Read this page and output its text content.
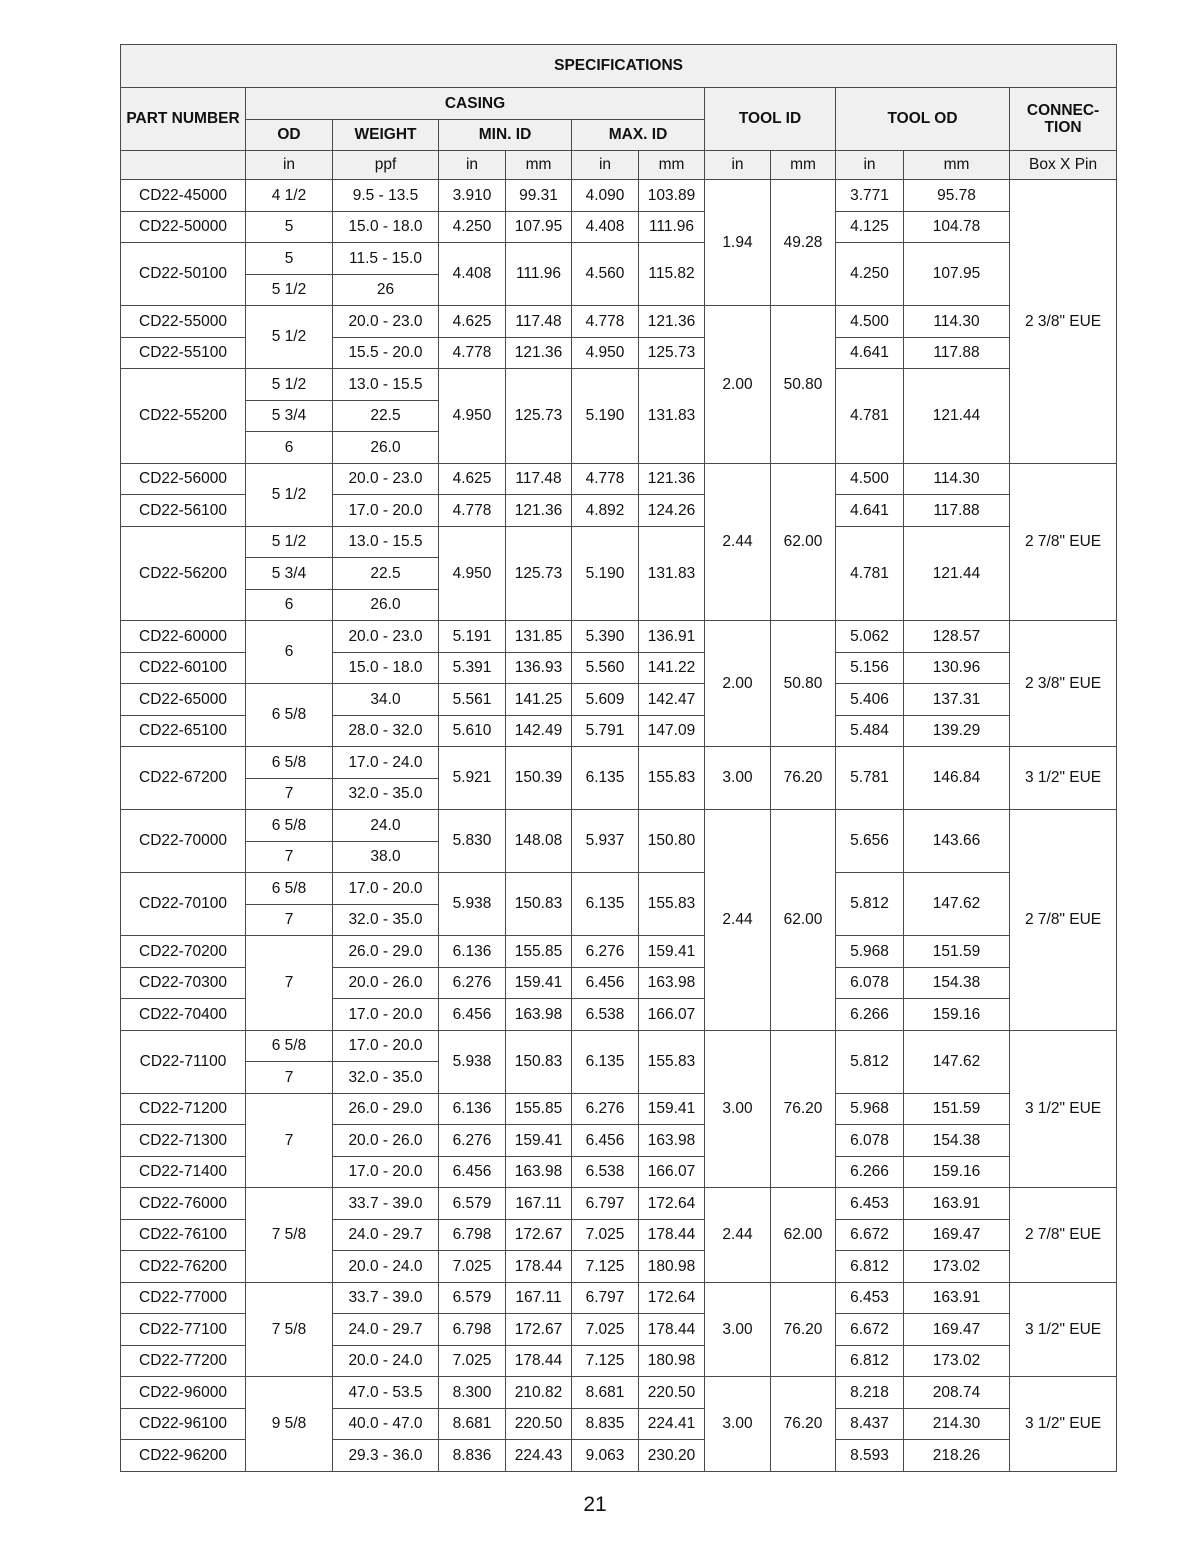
SPECIFICATIONS											
PART NUMBER	CASING						TOOL ID		TOOL OD		CONNEC- TION
	OD	WEIGHT	MIN. ID		MAX. ID						
	in	ppf	in	mm	in	mm	in	mm	in	mm	Box X Pin
CD22-45000	4 1/2	9.5 - 13.5	3.910	99.31	4.090	103.89	1.94	49.28	3.771	95.78	2 3/8" EUE
CD22-50000	5	15.0 - 18.0	4.250	107.95	4.408	111.96			4.125	104.78	
CD22-50100	5	11.5 - 15.0	4.408	111.96	4.560	115.82			4.250	107.95	
	5 1/2	26									
CD22-55000	5 1/2	20.0 - 23.0	4.625	117.48	4.778	121.36	2.00	50.80	4.500	114.30	
CD22-55100		15.5 - 20.0	4.778	121.36	4.950	125.73			4.641	117.88	
CD22-55200	5 1/2	13.0 - 15.5	4.950	125.73	5.190	131.83			4.781	121.44	
	5 3/4	22.5									
	6	26.0									
CD22-56000	5 1/2	20.0 - 23.0	4.625	117.48	4.778	121.36	2.44	62.00	4.500	114.30	2 7/8" EUE
CD22-56100		17.0 - 20.0	4.778	121.36	4.892	124.26			4.641	117.88	
CD22-56200	5 1/2	13.0 - 15.5	4.950	125.73	5.190	131.83			4.781	121.44	
	5 3/4	22.5									
	6	26.0									
CD22-60000	6	20.0 - 23.0	5.191	131.85	5.390	136.91	2.00	50.80	5.062	128.57	2 3/8" EUE
CD22-60100		15.0 - 18.0	5.391	136.93	5.560	141.22			5.156	130.96	
CD22-65000	6 5/8	34.0	5.561	141.25	5.609	142.47			5.406	137.31	
CD22-65100		28.0 - 32.0	5.610	142.49	5.791	147.09			5.484	139.29	
CD22-67200	6 5/8	17.0 - 24.0	5.921	150.39	6.135	155.83	3.00	76.20	5.781	146.84	3 1/2" EUE
	7	32.0 - 35.0									
CD22-70000	6 5/8	24.0	5.830	148.08	5.937	150.80	2.44	62.00	5.656	143.66	2 7/8" EUE
	7	38.0									
CD22-70100	6 5/8	17.0 - 20.0	5.938	150.83	6.135	155.83			5.812	147.62	
	7	32.0 - 35.0									
CD22-70200	7	26.0 - 29.0	6.136	155.85	6.276	159.41			5.968	151.59	
CD22-70300		20.0 - 26.0	6.276	159.41	6.456	163.98			6.078	154.38	
CD22-70400		17.0 - 20.0	6.456	163.98	6.538	166.07			6.266	159.16	
CD22-71100	6 5/8	17.0 - 20.0	5.938	150.83	6.135	155.83	3.00	76.20	5.812	147.62	3 1/2" EUE
	7	32.0 - 35.0									
CD22-71200	7	26.0 - 29.0	6.136	155.85	6.276	159.41			5.968	151.59	
CD22-71300		20.0 - 26.0	6.276	159.41	6.456	163.98			6.078	154.38	
CD22-71400		17.0 - 20.0	6.456	163.98	6.538	166.07			6.266	159.16	
CD22-76000	7 5/8	33.7 - 39.0	6.579	167.11	6.797	172.64	2.44	62.00	6.453	163.91	2 7/8" EUE
CD22-76100		24.0 - 29.7	6.798	172.67	7.025	178.44			6.672	169.47	
CD22-76200		20.0 - 24.0	7.025	178.44	7.125	180.98			6.812	173.02	
CD22-77000	7 5/8	33.7 - 39.0	6.579	167.11	6.797	172.64	3.00	76.20	6.453	163.91	3 1/2" EUE
CD22-77100		24.0 - 29.7	6.798	172.67	7.025	178.44			6.672	169.47	
CD22-77200		20.0 - 24.0	7.025	178.44	7.125	180.98			6.812	173.02	
CD22-96000	9 5/8	47.0 - 53.5	8.300	210.82	8.681	220.50	3.00	76.20	8.218	208.74	3 1/2" EUE
CD22-96100		40.0 - 47.0	8.681	220.50	8.835	224.41			8.437	214.30	
CD22-96200		29.3 - 36.0	8.836	224.43	9.063	230.20			8.593	218.26	
21
